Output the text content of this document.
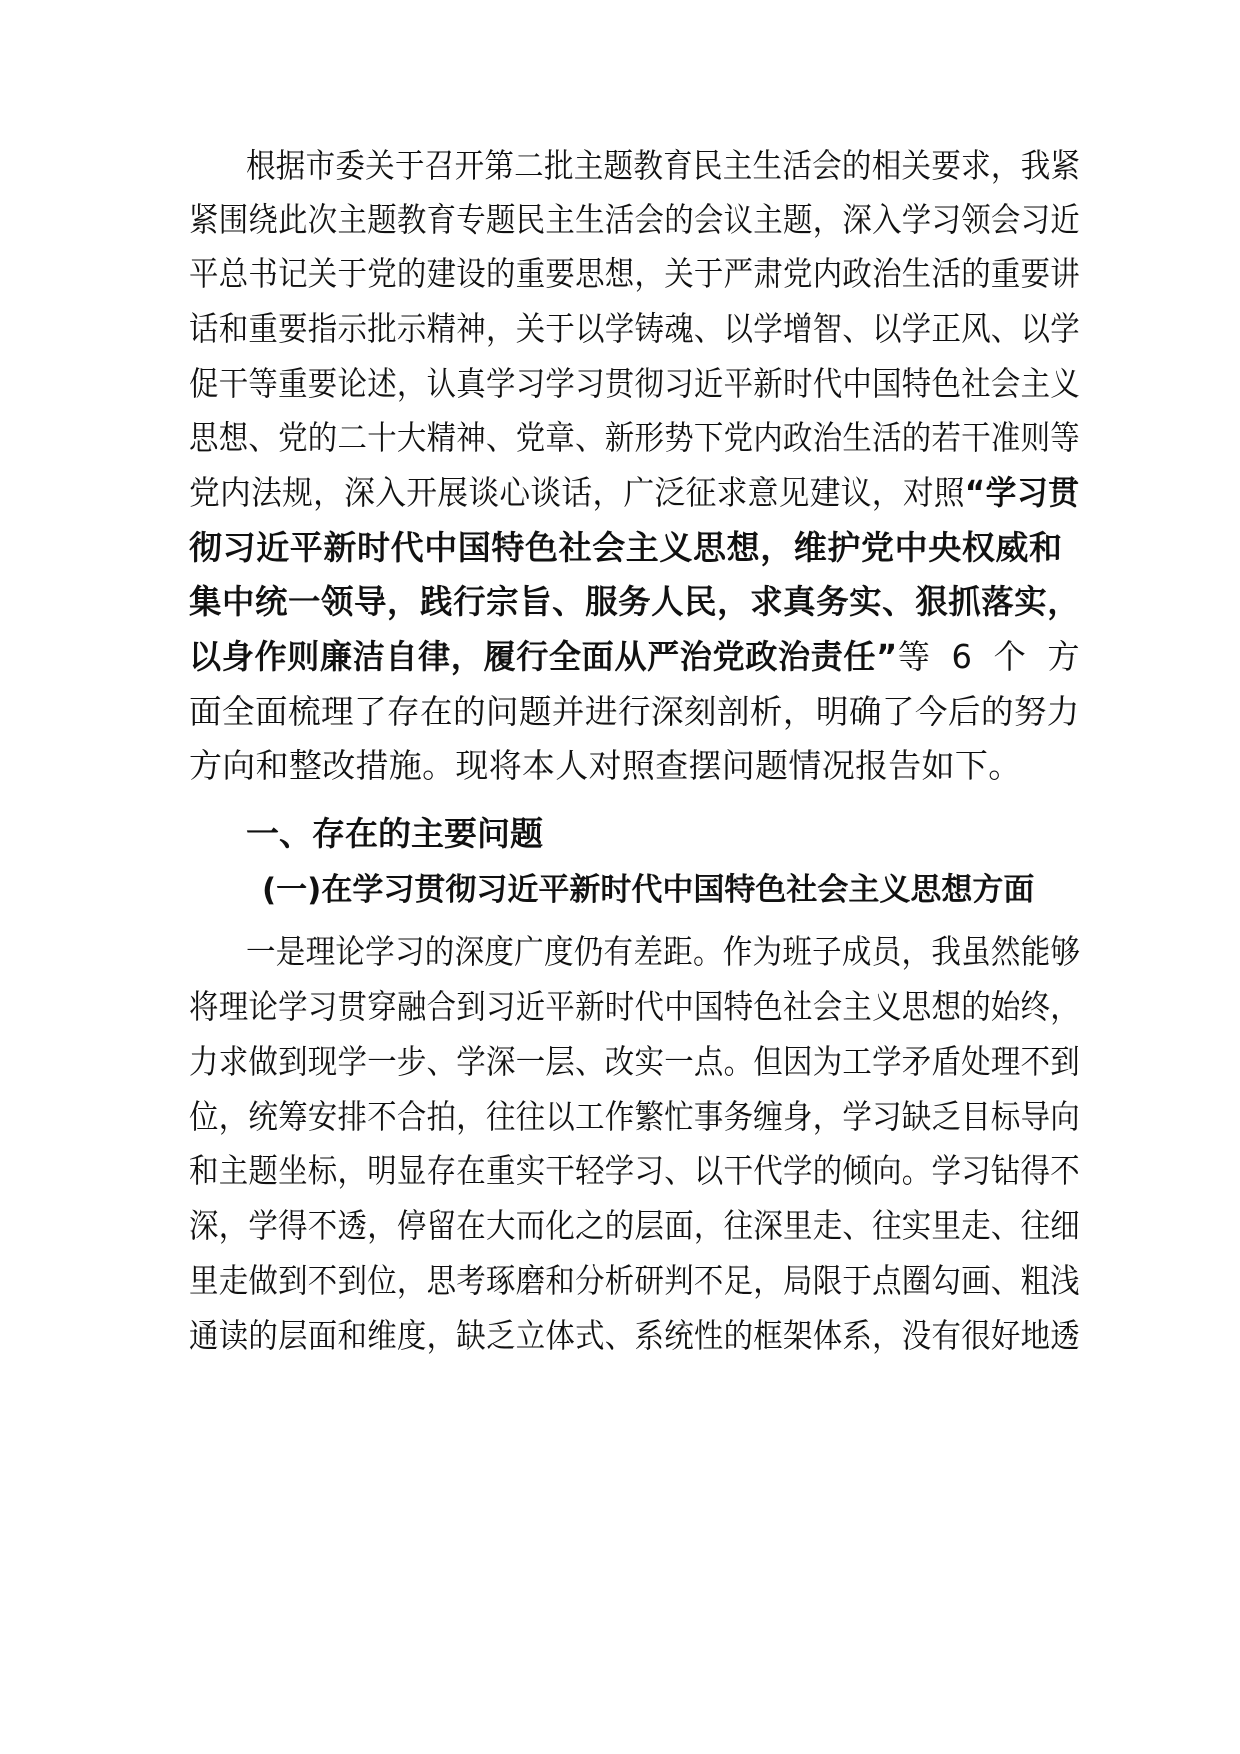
根据市委关于召开第二批主题教育民主生活会的相关要求，我紧
紧围绕此次主题教育专题民主生活会的会议主题，深入学习领会习近
平总书记关于党的建设的重要思想，关于严肃党内政治生活的重要讲
话和重要指示批示精神，关于以学铸魂、以学增智、以学正风、以学
促干等重要论述，认真学习学习贯彻习近平新时代中国特色社会主义
思想、党的二十大精神、党章、新形势下党内政治生活的若干准则等
党内法规，深入开展谈心谈话，广泛征求意见建议，对照“学习贯
彻习近平新时代中国特色社会主义思想，维护党中央权威和
集中统一领导，践行宗旨、服务人民，求真务实、狠抓落实，
以身作则廉洁自律，履行全面从严治党政治责任”等  6  个  方
面全面梳理了存在的问题并进行深刻剖析，明确了今后的努力
方向和整改措施。现将本人对照查摆问题情况报告如下。
一、存在的主要问题
(一)在学习贯彻习近平新时代中国特色社会主义思想方面
一是理论学习的深度广度仍有差距。作为班子成员，我虽然能够
将理论学习贯穿融合到习近平新时代中国特色社会主义思想的始终，
力求做到现学一步、学深一层、改实一点。但因为工学矛盾处理不到
位，统筹安排不合拍，往往以工作繁忙事务缠身，学习缺乏目标导向
和主题坐标，明显存在重实干轻学习、以干代学的倾向。学习钻得不
深，学得不透，停留在大而化之的层面，往深里走、往实里走、往细
里走做到不到位，思考琢磨和分析研判不足，局限于点圈勾画、粗浅
通读的层面和维度，缺乏立体式、系统性的框架体系，没有很好地透
